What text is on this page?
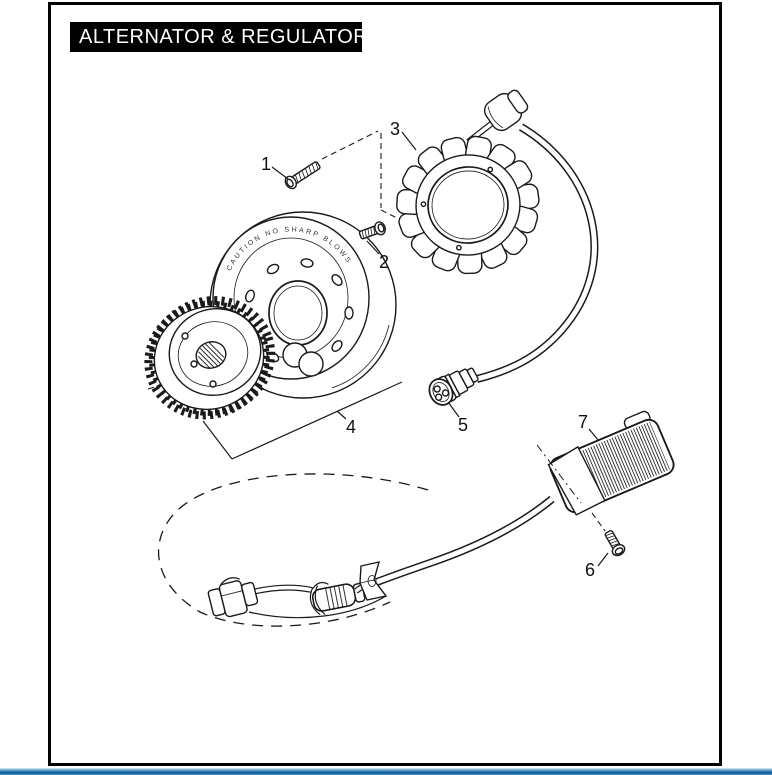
ALTERNATOR & REGULATOR
CAUTION NO SHARP BLOWS
1
2
3
4	5
6
7
